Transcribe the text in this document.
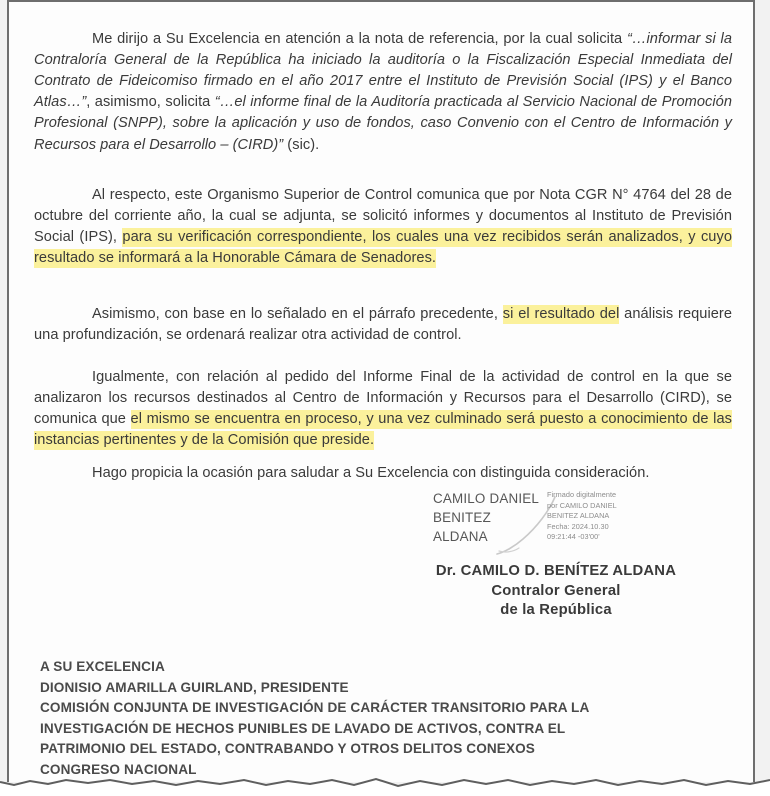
Me dirijo a Su Excelencia en atención a la nota de referencia, por la cual solicita “…informar si la Contraloría General de la República ha iniciado la auditoría o la Fiscalización Especial Inmediata del Contrato de Fideicomiso firmado en el año 2017 entre el Instituto de Previsión Social (IPS) y el Banco Atlas…”, asimismo, solicita “…el informe final de la Auditoría practicada al Servicio Nacional de Promoción Profesional (SNPP), sobre la aplicación y uso de fondos, caso Convenio con el Centro de Información y Recursos para el Desarrollo – (CIRD)” (sic).

Al respecto, este Organismo Superior de Control comunica que por Nota CGR N° 4764 del 28 de octubre del corriente año, la cual se adjunta, se solicitó informes y documentos al Instituto de Previsión Social (IPS), para su verificación correspondiente, los cuales una vez recibidos serán analizados, y cuyo resultado se informará a la Honorable Cámara de Senadores.

Asimismo, con base en lo señalado en el párrafo precedente, si el resultado del análisis requiere una profundización, se ordenará realizar otra actividad de control.

Igualmente, con relación al pedido del Informe Final de la actividad de control en la que se analizaron los recursos destinados al Centro de Información y Recursos para el Desarrollo (CIRD), se comunica que el mismo se encuentra en proceso, y una vez culminado será puesto a conocimiento de las instancias pertinentes y de la Comisión que preside.

Hago propicia la ocasión para saludar a Su Excelencia con distinguida consideración.

CAMILO DANIEL
BENITEZ
ALDANA
Firmado digitalmente
por CAMILO DANIEL
BENITEZ ALDANA
Fecha: 2024.10.30
09:21:44 -03'00'
Dr. CAMILO D. BENÍTEZ ALDANA
Contralor General
de la República
A SU EXCELENCIA
DIONISIO AMARILLA GUIRLAND, PRESIDENTE
COMISIÓN CONJUNTA DE INVESTIGACIÓN DE CARÁCTER TRANSITORIO PARA LA
INVESTIGACIÓN DE HECHOS PUNIBLES DE LAVADO DE ACTIVOS, CONTRA EL
PATRIMONIO DEL ESTADO, CONTRABANDO Y OTROS DELITOS CONEXOS
CONGRESO NACIONAL
